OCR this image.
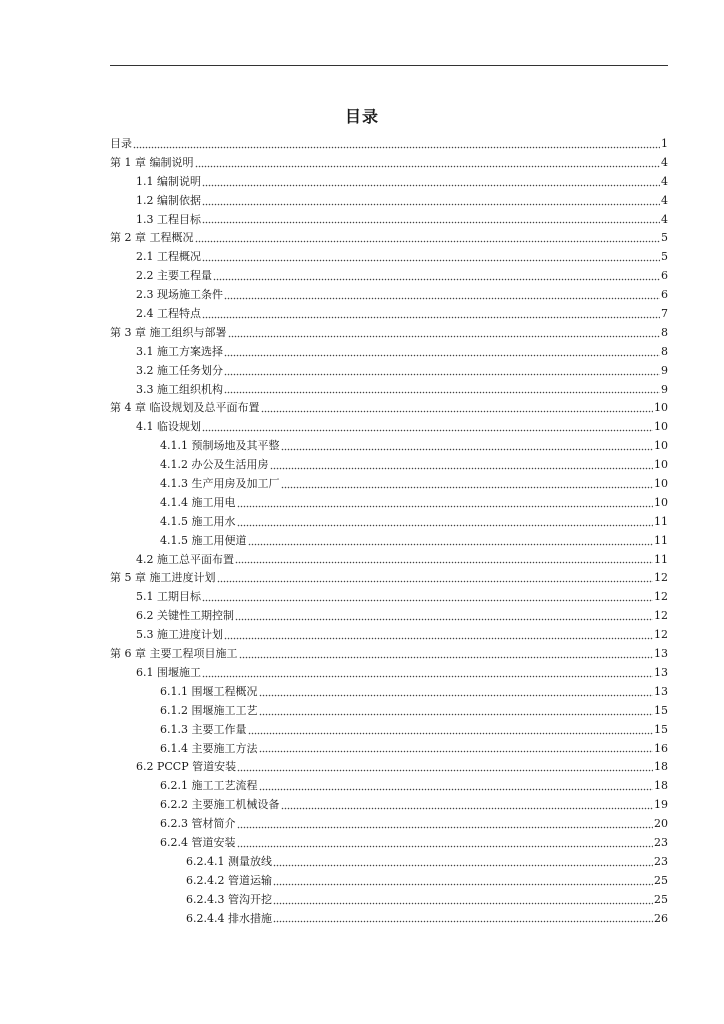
目录
目录	1
第 1 章 编制说明	4
1.1 编制说明	4
1.2 编制依据	4
1.3 工程目标	4
第 2 章 工程概况	5
2.1 工程概况	5
2.2 主要工程量	6
2.3 现场施工条件	6
2.4 工程特点	7
第 3 章 施工组织与部署	8
3.1 施工方案选择	8
3.2 施工任务划分	9
3.3 施工组织机构	9
第 4 章 临设规划及总平面布置	10
4.1 临设规划	10
4.1.1 预制场地及其平整	10
4.1.2 办公及生活用房	10
4.1.3 生产用房及加工厂	10
4.1.4 施工用电	10
4.1.5 施工用水	11
4.1.5 施工用便道	11
4.2 施工总平面布置	11
第 5 章 施工进度计划	12
5.1 工期目标	12
6.2 关键性工期控制	12
5.3 施工进度计划	12
第 6 章 主要工程项目施工	13
6.1 围堰施工	13
6.1.1 围堰工程概况	13
6.1.2 围堰施工工艺	15
6.1.3 主要工作量	15
6.1.4 主要施工方法	16
6.2 PCCP 管道安装	18
6.2.1 施工工艺流程	18
6.2.2 主要施工机械设备	19
6.2.3 管材简介	20
6.2.4 管道安装	23
6.2.4.1 测量放线	23
6.2.4.2 管道运输	25
6.2.4.3 管沟开挖	25
6.2.4.4 排水措施	26
